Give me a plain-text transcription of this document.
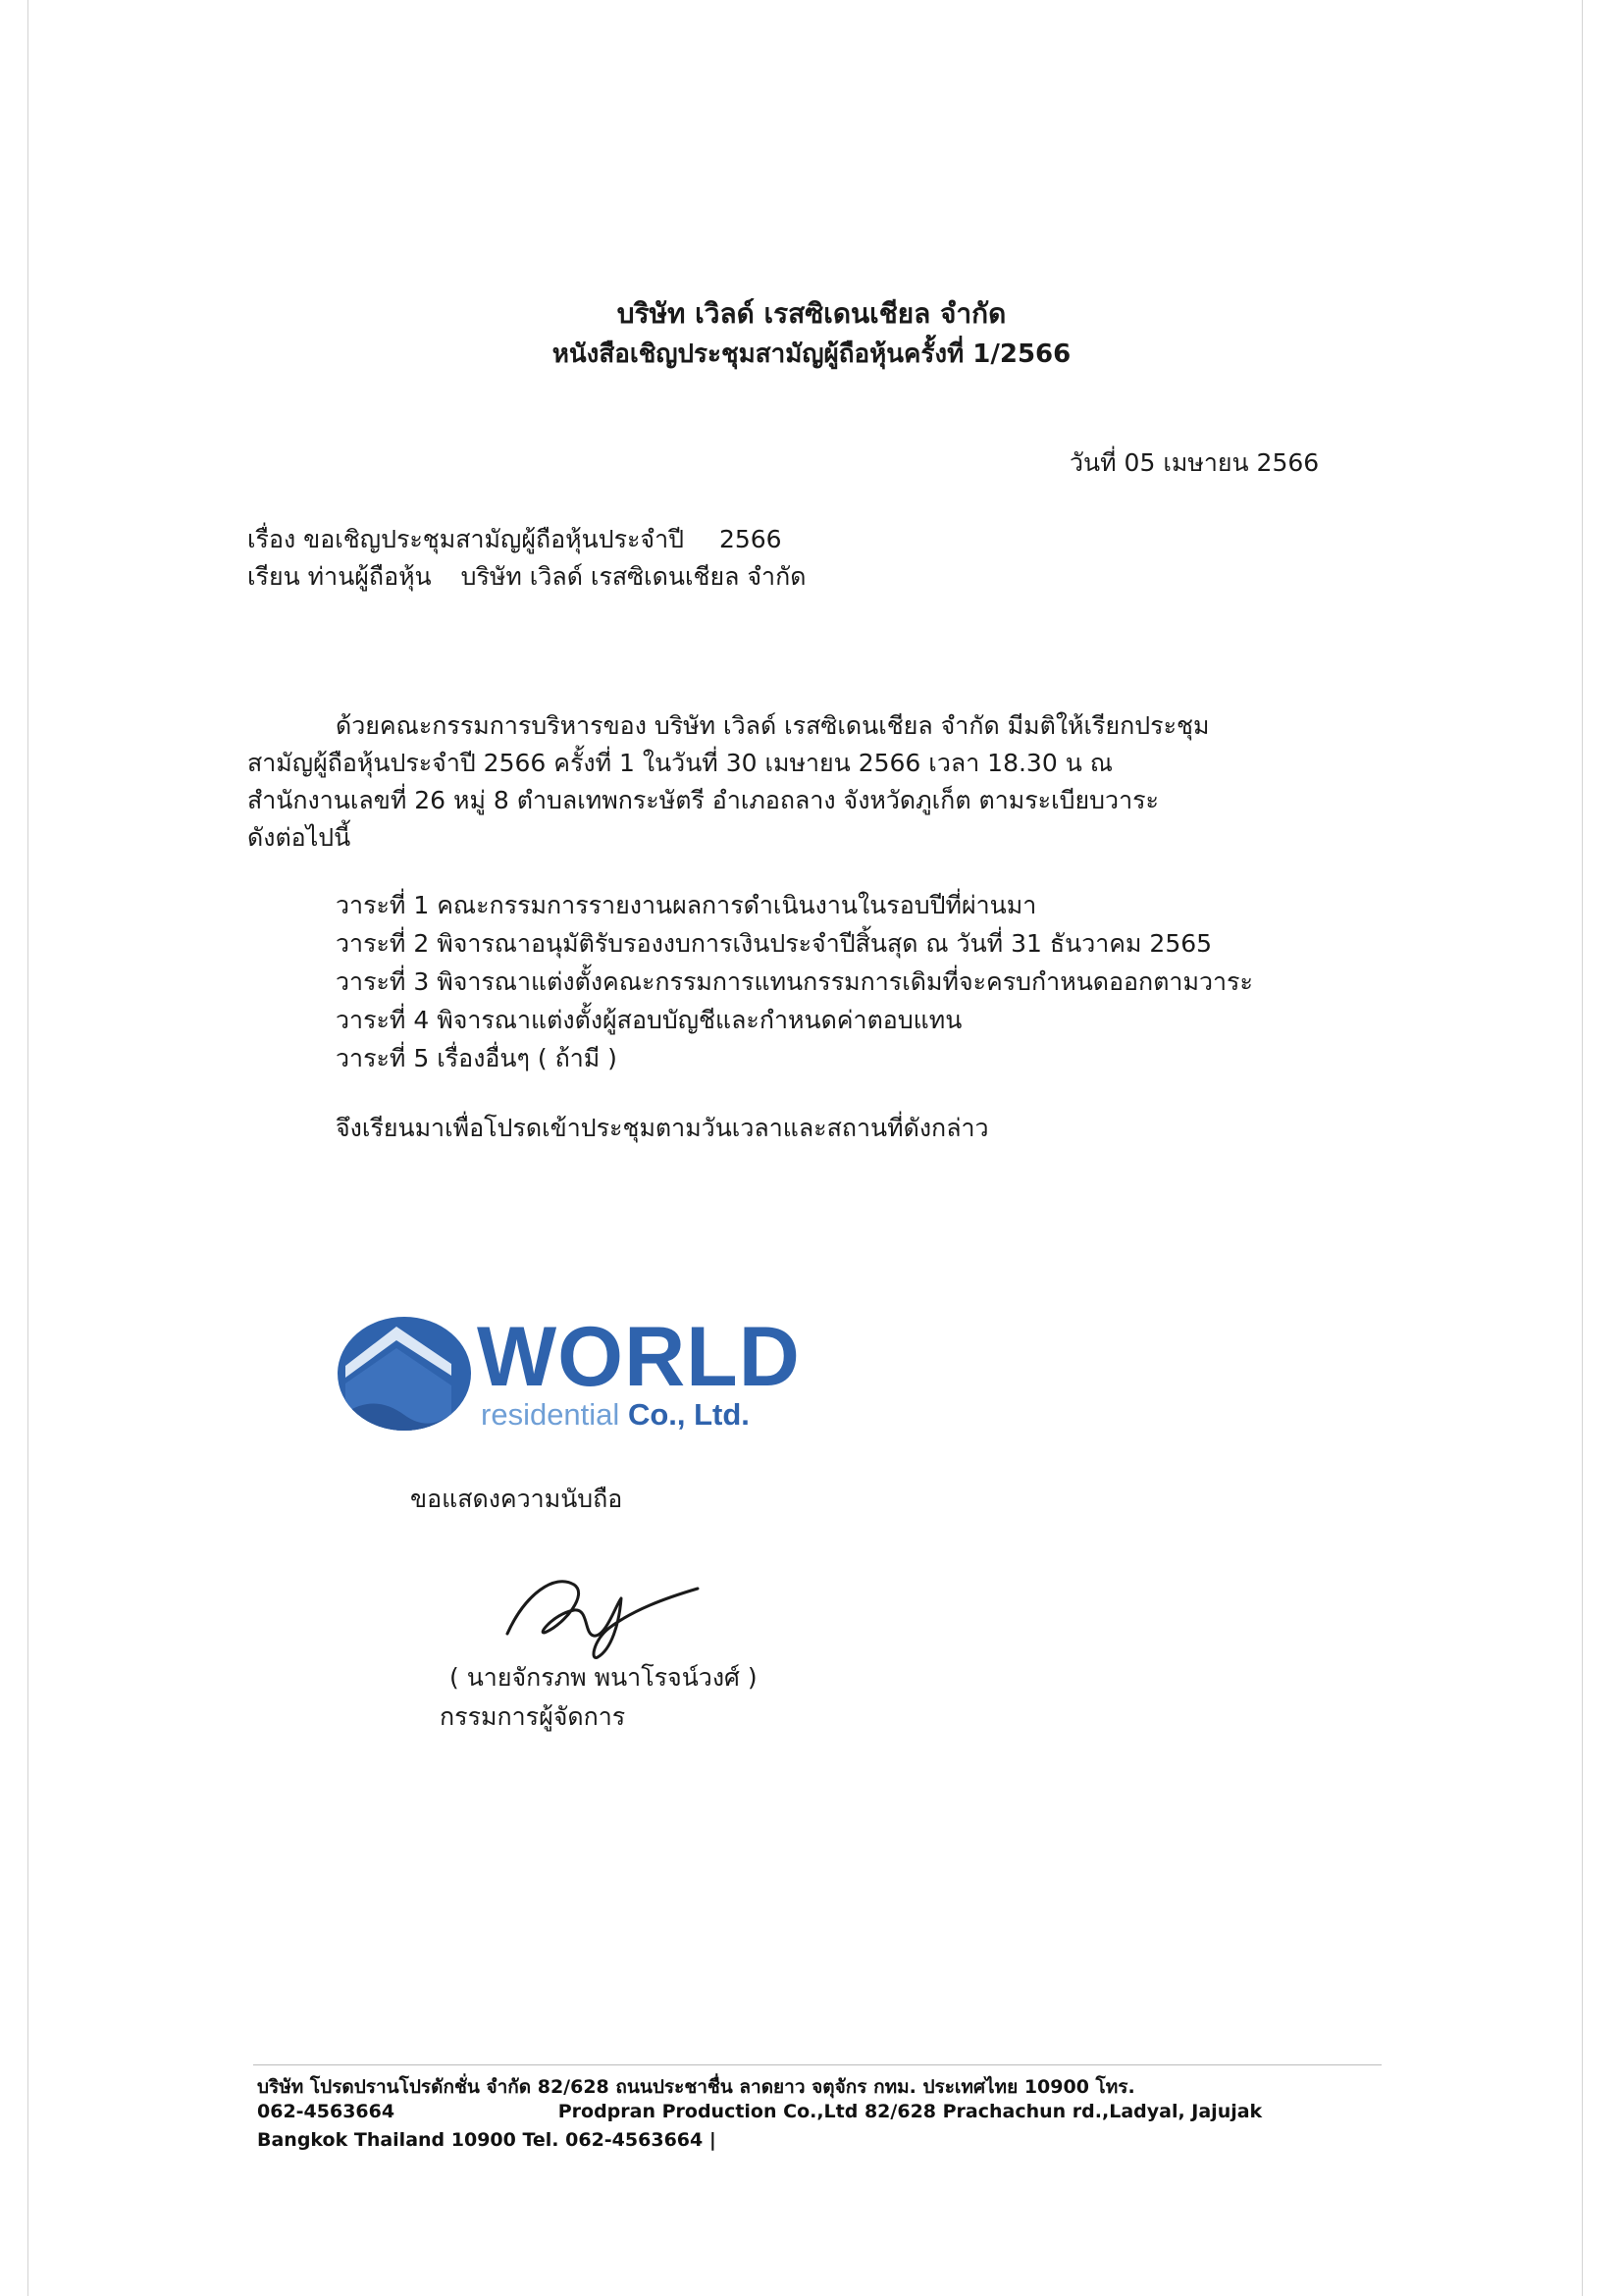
บริษัท เวิลด์ เรสซิเดนเชียล จำกัด
หนังสือเชิญประชุมสามัญผู้ถือหุ้นครั้งที่ 1/2566
วันที่ 05 เมษายน 2566
เรื่อง ขอเชิญประชุมสามัญผู้ถือหุ้นประจำปี 2566
เรียน ท่านผู้ถือหุ้น บริษัท เวิลด์ เรสซิเดนเชียล จำกัด
ด้วยคณะกรรมการบริหารของ บริษัท เวิลด์ เรสซิเดนเชียล จำกัด มีมติให้เรียกประชุม
สามัญผู้ถือหุ้นประจำปี 2566 ครั้งที่ 1 ในวันที่ 30 เมษายน 2566 เวลา 18.30 น ณ
สำนักงานเลขที่ 26 หมู่ 8 ตำบลเทพกระษัตรี อำเภอถลาง จังหวัดภูเก็ต ตามระเบียบวาระ
ดังต่อไปนี้
วาระที่ 1 คณะกรรมการรายงานผลการดำเนินงานในรอบปีที่ผ่านมา
วาระที่ 2 พิจารณาอนุมัติรับรองงบการเงินประจำปีสิ้นสุด ณ วันที่ 31 ธันวาคม 2565
วาระที่ 3 พิจารณาแต่งตั้งคณะกรรมการแทนกรรมการเดิมที่จะครบกำหนดออกตามวาระ
วาระที่ 4 พิจารณาแต่งตั้งผู้สอบบัญชีและกำหนดค่าตอบแทน
วาระที่ 5 เรื่องอื่นๆ ( ถ้ามี )
จึงเรียนมาเพื่อโปรดเข้าประชุมตามวันเวลาและสถานที่ดังกล่าว
WORLD
residential Co., Ltd.
ขอแสดงความนับถือ
( นายจักรภพ พนาโรจน์วงศ์ )
กรรมการผู้จัดการ
บริษัท โปรดปรานโปรดักชั่น จำกัด 82/628 ถนนประชาชื่น ลาดยาว จตุจักร กทม. ประเทศไทย 10900 โทร.
062-4563664	Prodpran Production Co.,Ltd 82/628 Prachachun rd.,Ladyal, Jajujak
Bangkok Thailand 10900 Tel. 062-4563664 |
